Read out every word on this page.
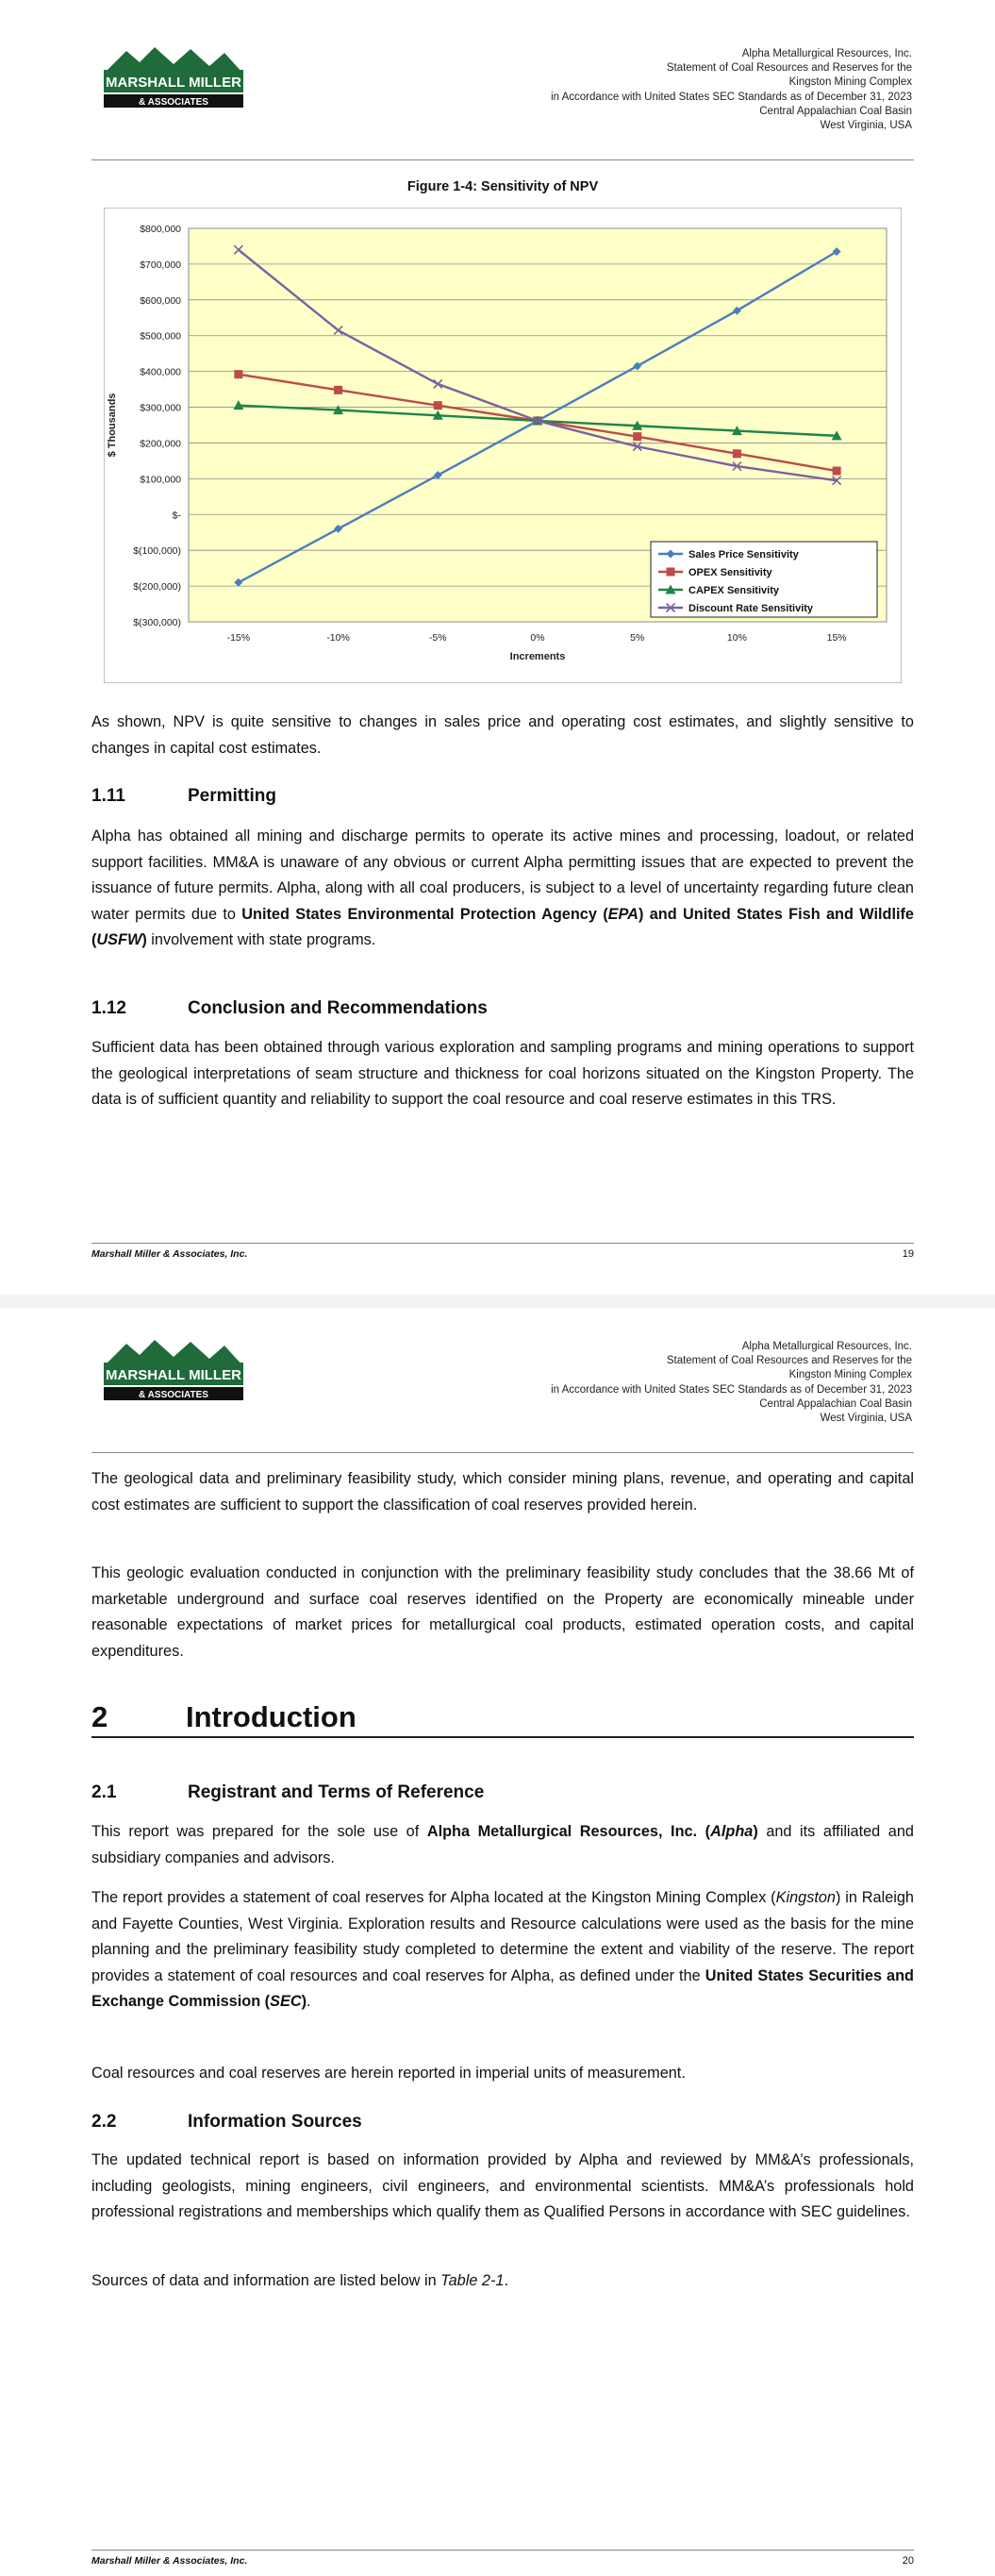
MARSHALL MILLER
& ASSOCIATES
Alpha Metallurgical Resources, Inc.
Statement of Coal Resources and Reserves for the
Kingston Mining Complex
in Accordance with United States SEC Standards as of December 31, 2023
Central Appalachian Coal Basin
West Virginia, USA
Figure 1-4: Sensitivity of NPV
$800,000
$700,000
$600,000
$500,000
$400,000
$300,000
$200,000
$100,000
$-
$(100,000)
$(200,000)
$(300,000)
-15%	-10%	-5%	0%	5%	10%	15%
$ Thousands
Increments
Sales Price Sensitivity
OPEX Sensitivity
CAPEX Sensitivity
Discount Rate Sensitivity

As shown, NPV is quite sensitive to changes in sales price and operating cost estimates, and slightly sensitive to changes in capital cost estimates.

1.11	Permitting

Alpha has obtained all mining and discharge permits to operate its active mines and processing, loadout, or related support facilities. MM&A is unaware of any obvious or current Alpha permitting issues that are expected to prevent the issuance of future permits. Alpha, along with all coal producers, is subject to a level of uncertainty regarding future clean water permits due to United States Environmental Protection Agency (EPA) and United States Fish and Wildlife (USFW) involvement with state programs.

1.12	Conclusion and Recommendations

Sufficient data has been obtained through various exploration and sampling programs and mining operations to support the geological interpretations of seam structure and thickness for coal horizons situated on the Kingston Property. The data is of sufficient quantity and reliability to support the coal resource and coal reserve estimates in this TRS.

Marshall Miller & Associates, Inc.	19
MARSHALL MILLER
& ASSOCIATES
Alpha Metallurgical Resources, Inc.
Statement of Coal Resources and Reserves for the
Kingston Mining Complex
in Accordance with United States SEC Standards as of December 31, 2023
Central Appalachian Coal Basin
West Virginia, USA

The geological data and preliminary feasibility study, which consider mining plans, revenue, and operating and capital cost estimates are sufficient to support the classification of coal reserves provided herein.

This geologic evaluation conducted in conjunction with the preliminary feasibility study concludes that the 38.66 Mt of marketable underground and surface coal reserves identified on the Property are economically mineable under reasonable expectations of market prices for metallurgical coal products, estimated operation costs, and capital expenditures.

2	Introduction
2.1	Registrant and Terms of Reference

This report was prepared for the sole use of Alpha Metallurgical Resources, Inc. (Alpha) and its affiliated and subsidiary companies and advisors.

The report provides a statement of coal reserves for Alpha located at the Kingston Mining Complex (Kingston) in Raleigh and Fayette Counties, West Virginia. Exploration results and Resource calculations were used as the basis for the mine planning and the preliminary feasibility study completed to determine the extent and viability of the reserve. The report provides a statement of coal resources and coal reserves for Alpha, as defined under the United States Securities and Exchange Commission (SEC).

Coal resources and coal reserves are herein reported in imperial units of measurement.

2.2	Information Sources

The updated technical report is based on information provided by Alpha and reviewed by MM&A’s professionals, including geologists, mining engineers, civil engineers, and environmental scientists. MM&A’s professionals hold professional registrations and memberships which qualify them as Qualified Persons in accordance with SEC guidelines.

Sources of data and information are listed below in Table 2-1.

Marshall Miller & Associates, Inc.	20
